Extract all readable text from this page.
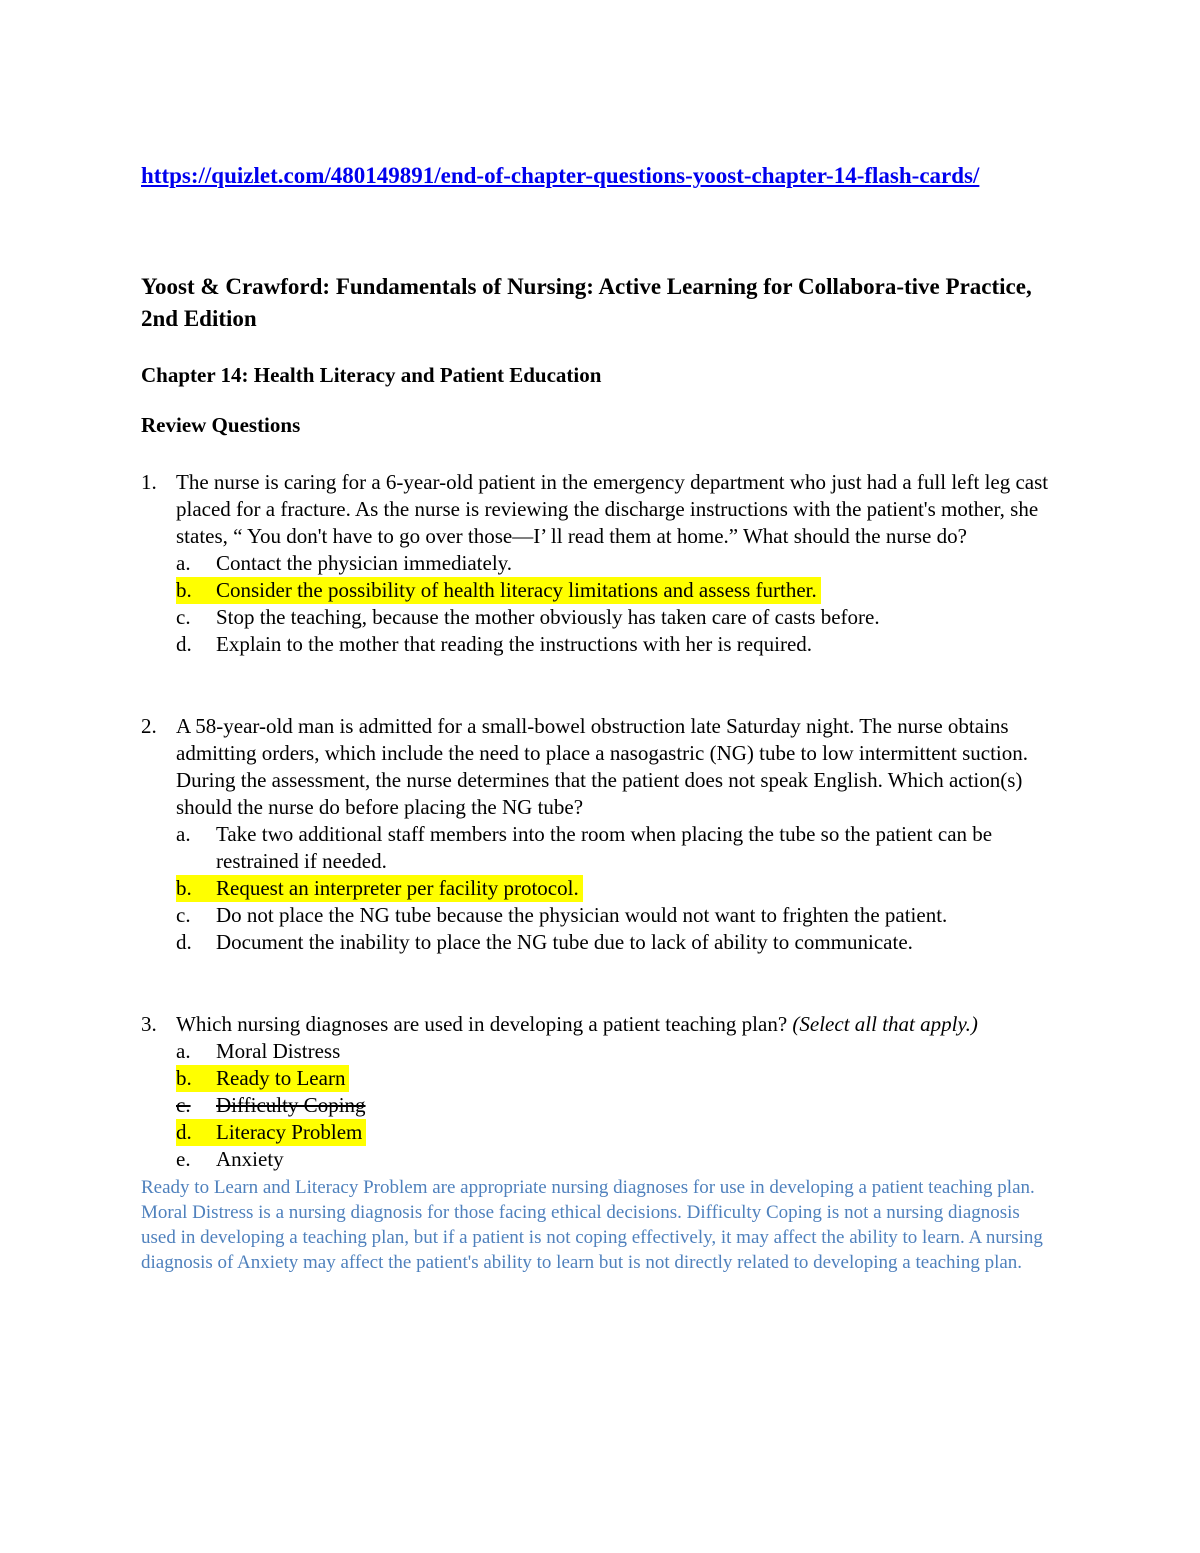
https://quizlet.com/480149891/end-of-chapter-questions-yoost-chapter-14-flash-cards/
Yoost & Crawford: Fundamentals of Nursing: Active Learning for Collabora-tive Practice, 2nd Edition
Chapter 14: Health Literacy and Patient Education
Review Questions
1. The nurse is caring for a 6-year-old patient in the emergency department who just had a full left leg cast placed for a fracture. As the nurse is reviewing the discharge instructions with the patient's mother, she states, “ You don't have to go over those—I’ ll read them at home.” What should the nurse do?
a.	Contact the physician immediately.
b.	Consider the possibility of health literacy limitations and assess further.
c.	Stop the teaching, because the mother obviously has taken care of casts before.
d.	Explain to the mother that reading the instructions with her is required.
2. A 58-year-old man is admitted for a small-bowel obstruction late Saturday night. The nurse obtains admitting orders, which include the need to place a nasogastric (NG) tube to low intermittent suction. During the assessment, the nurse determines that the patient does not speak English. Which action(s) should the nurse do before placing the NG tube?
a.	Take two additional staff members into the room when placing the tube so the patient can be restrained if needed.
b.	Request an interpreter per facility protocol.
c.	Do not place the NG tube because the physician would not want to frighten the patient.
d.	Document the inability to place the NG tube due to lack of ability to communicate.
3. Which nursing diagnoses are used in developing a patient teaching plan? (Select all that apply.)
a.	Moral Distress
b.	Ready to Learn
c.	Difficulty Coping
d.	Literacy Problem
e.	Anxiety
Ready to Learn and Literacy Problem are appropriate nursing diagnoses for use in developing a patient teaching plan. Moral Distress is a nursing diagnosis for those facing ethical decisions. Difficulty Coping is not a nursing diagnosis used in developing a teaching plan, but if a patient is not coping effectively, it may affect the ability to learn. A nursing diagnosis of Anxiety may affect the patient's ability to learn but is not directly related to developing a teaching plan.
